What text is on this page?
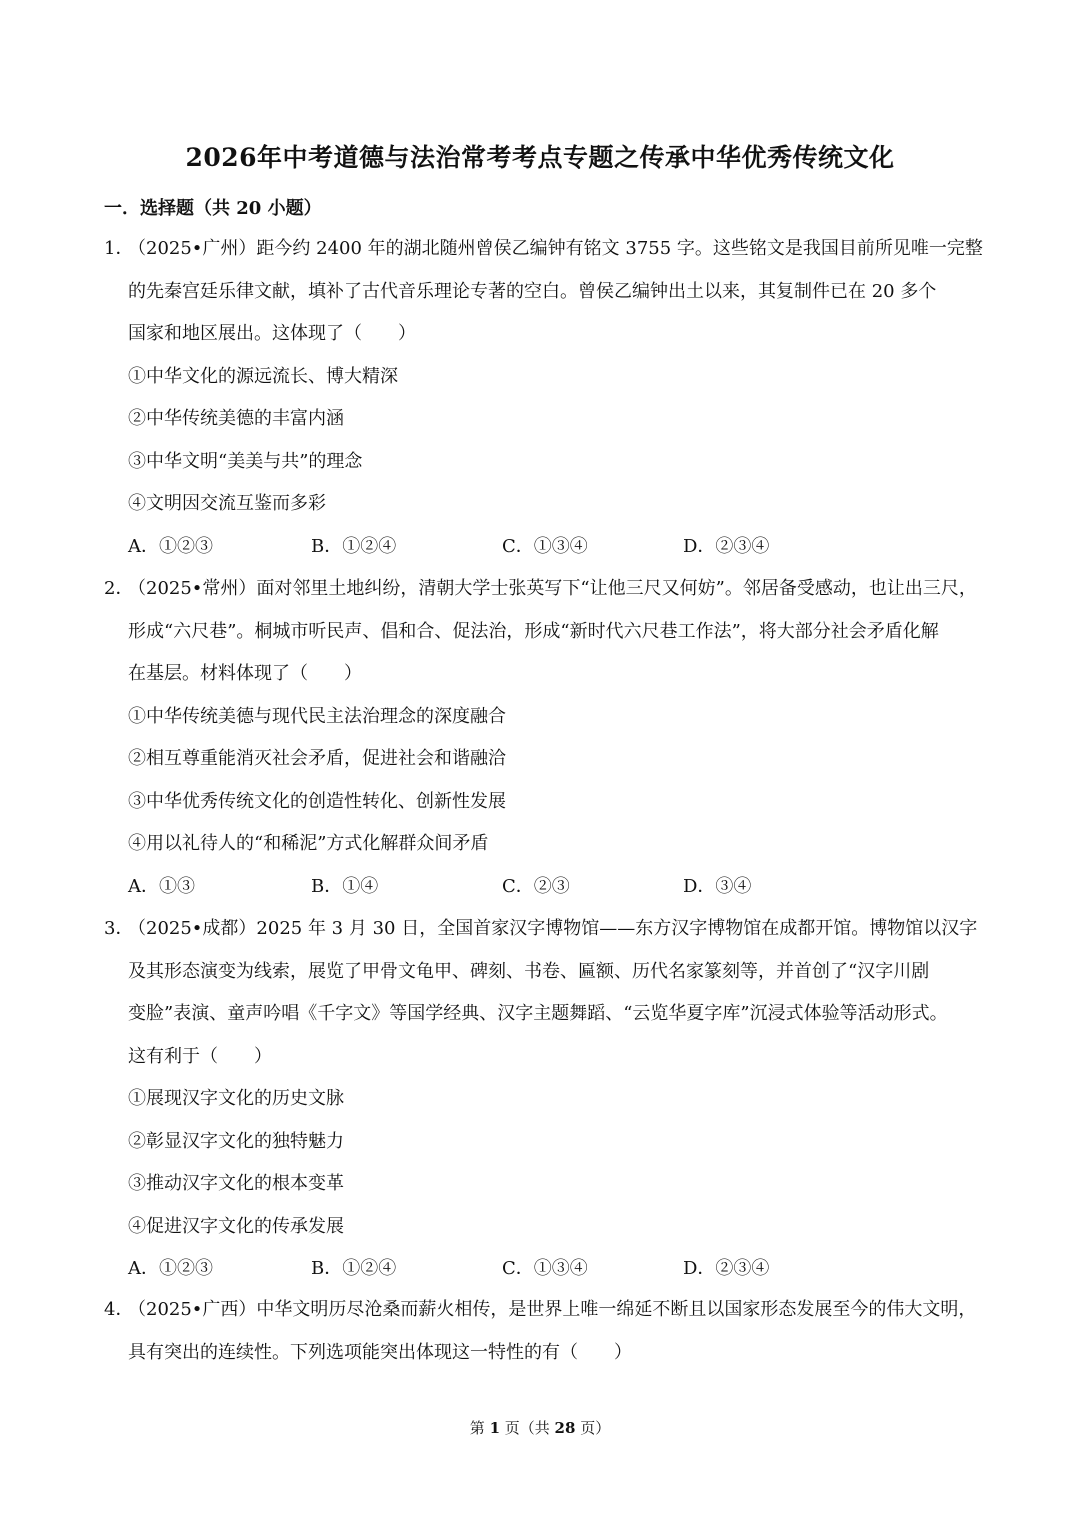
2026年中考道德与法治常考考点专题之传承中华优秀传统文化
一．选择题（共 20 小题）
1．（2025•广州）距今约 2400 年的湖北随州曾侯乙编钟有铭文 3755 字。这些铭文是我国目前所见唯一完整
的先秦宫廷乐律文献，填补了古代音乐理论专著的空白。曾侯乙编钟出土以来，其复制件已在 20 多个
国家和地区展出。这体现了（　　）
①中华文化的源远流长、博大精深
②中华传统美德的丰富内涵
③中华文明“美美与共”的理念
④文明因交流互鉴而多彩
A．①②③	B．①②④	C．①③④	D．②③④
2．（2025•常州）面对邻里土地纠纷，清朝大学士张英写下“让他三尺又何妨”。邻居备受感动，也让出三尺，
形成“六尺巷”。桐城市听民声、倡和合、促法治，形成“新时代六尺巷工作法”，将大部分社会矛盾化解
在基层。材料体现了（　　）
①中华传统美德与现代民主法治理念的深度融合
②相互尊重能消灭社会矛盾，促进社会和谐融洽
③中华优秀传统文化的创造性转化、创新性发展
④用以礼待人的“和稀泥”方式化解群众间矛盾
A．①③	B．①④	C．②③	D．③④
3．（2025•成都）2025 年 3 月 30 日，全国首家汉字博物馆——东方汉字博物馆在成都开馆。博物馆以汉字
及其形态演变为线索，展览了甲骨文龟甲、碑刻、书卷、匾额、历代名家篆刻等，并首创了“汉字川剧
变脸”表演、童声吟唱《千字文》等国学经典、汉字主题舞蹈、“云览华夏字库”沉浸式体验等活动形式。
这有利于（　　）
①展现汉字文化的历史文脉
②彰显汉字文化的独特魅力
③推动汉字文化的根本变革
④促进汉字文化的传承发展
A．①②③	B．①②④	C．①③④	D．②③④
4．（2025•广西）中华文明历尽沧桑而薪火相传，是世界上唯一绵延不断且以国家形态发展至今的伟大文明，
具有突出的连续性。下列选项能突出体现这一特性的有（　　）
第 1 页（共 28 页）
